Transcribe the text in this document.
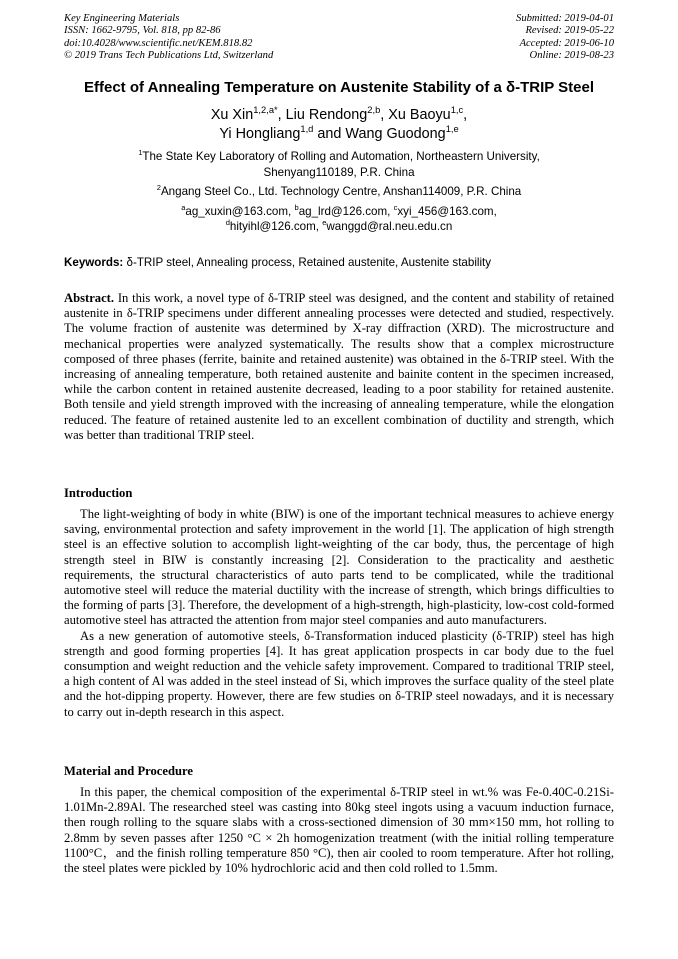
Key Engineering Materials
ISSN: 1662-9795, Vol. 818, pp 82-86
doi:10.4028/www.scientific.net/KEM.818.82
© 2019 Trans Tech Publications Ltd, Switzerland
Submitted: 2019-04-01
Revised: 2019-05-22
Accepted: 2019-06-10
Online: 2019-08-23
Effect of Annealing Temperature on Austenite Stability of a δ-TRIP Steel
Xu Xin$^{1,2,a*}$, Liu Rendong$^{2,b}$, Xu Baoyu$^{1,c}$,
Yi Hongliang$^{1,d}$ and Wang Guodong$^{1,e}$
$^1$The State Key Laboratory of Rolling and Automation, Northeastern University,
Shenyang110189, P.R. China
$^2$Angang Steel Co., Ltd. Technology Centre, Anshan114009, P.R. China
$^a$ag_xuxin@163.com, $^b$ag_lrd@126.com, $^c$xyi_456@163.com,
$^d$hityihl@126.com, $^e$wanggd@ral.neu.edu.cn
Keywords: δ-TRIP steel, Annealing process, Retained austenite, Austenite stability

Abstract. In this work, a novel type of δ-TRIP steel was designed, and the content and stability of retained austenite in δ-TRIP specimens under different annealing processes were detected and studied, respectively. The volume fraction of austenite was determined by X-ray diffraction (XRD). The microstructure and mechanical properties were analyzed systematically. The results show that a complex microstructure composed of three phases (ferrite, bainite and retained austenite) was obtained in the δ-TRIP steel. With the increasing of annealing temperature, both retained austenite and bainite content in the specimen increased, while the carbon content in retained austenite decreased, leading to a poor stability for retained austenite. Both tensile and yield strength improved with the increasing of annealing temperature, while the elongation reduced. The feature of retained austenite led to an excellent combination of ductility and strength, which was better than traditional TRIP steel.

Introduction

The light-weighting of body in white (BIW) is one of the important technical measures to achieve energy saving, environmental protection and safety improvement in the world [1]. The application of high strength steel is an effective solution to accomplish light-weighting of the car body, thus, the percentage of high strength steel in BIW is constantly increasing [2]. Consideration to the practicality and aesthetic requirements, the structural characteristics of auto parts tend to be complicated, while the traditional automotive steel will reduce the material ductility with the increase of strength, which brings difficulties to the forming of parts [3]. Therefore, the development of a high-strength, high-plasticity, low-cost cold-formed automotive steel has attracted the attention from major steel companies and auto manufacturers.

As a new generation of automotive steels, δ-Transformation induced plasticity (δ-TRIP) steel has high strength and good forming properties [4]. It has great application prospects in car body due to the fuel consumption and weight reduction and the vehicle safety improvement. Compared to traditional TRIP steel, a high content of Al was added in the steel instead of Si, which improves the surface quality of the steel plate and the hot-dipping property. However, there are few studies on δ-TRIP steel nowadays, and it is necessary to carry out in-depth research in this aspect.

Material and Procedure

In this paper, the chemical composition of the experimental δ-TRIP steel in wt.% was Fe-0.40C-0.21Si-1.01Mn-2.89Al. The researched steel was casting into 80kg steel ingots using a vacuum induction furnace, then rough rolling to the square slabs with a cross-sectioned dimension of 30 mm×150 mm, hot rolling to 2.8mm by seven passes after 1250 °C × 2h homogenization treatment (with the initial rolling temperature 1100°C，and the finish rolling temperature 850 °C), then air cooled to room temperature. After hot rolling, the steel plates were pickled by 10% hydrochloric acid and then cold rolled to 1.5mm.
